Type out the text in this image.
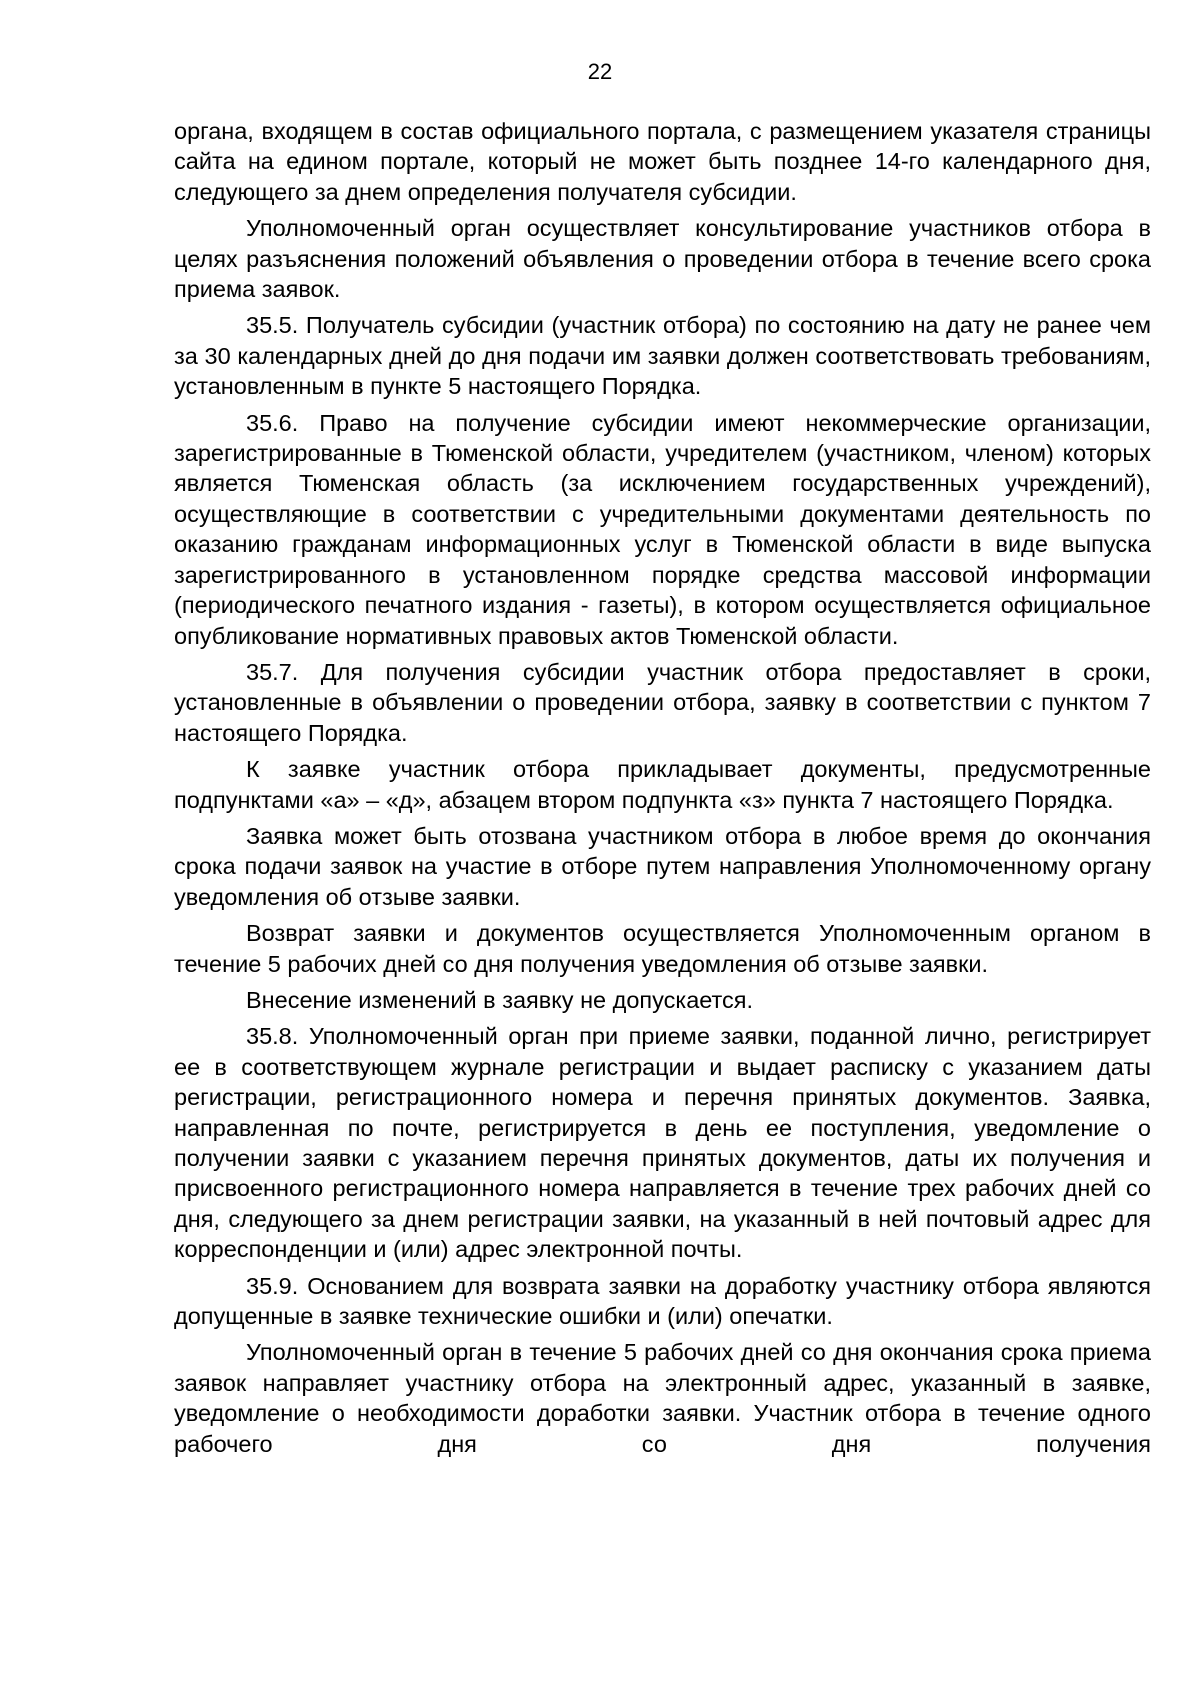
22

органа, входящем в состав официального портала, с размещением указателя страницы сайта на едином портале, который не может быть позднее 14-го календарного дня, следующего за днем определения получателя субсидии.

Уполномоченный орган осуществляет консультирование участников отбора в целях разъяснения положений объявления о проведении отбора в течение всего срока приема заявок.

35.5. Получатель субсидии (участник отбора) по состоянию на дату не ранее чем за 30 календарных дней до дня подачи им заявки должен соответствовать требованиям, установленным в пункте 5 настоящего Порядка.

35.6. Право на получение субсидии имеют некоммерческие организации, зарегистрированные в Тюменской области, учредителем (участником, членом) которых является Тюменская область (за исключением государственных учреждений), осуществляющие в соответствии с учредительными документами деятельность по оказанию гражданам информационных услуг в Тюменской области в виде выпуска зарегистрированного в установленном порядке средства массовой информации (периодического печатного издания - газеты), в котором осуществляется официальное опубликование нормативных правовых актов Тюменской области.

35.7. Для получения субсидии участник отбора предоставляет в сроки, установленные в объявлении о проведении отбора, заявку в соответствии с пунктом 7 настоящего Порядка.

К заявке участник отбора прикладывает документы, предусмотренные подпунктами «а» – «д», абзацем втором подпункта «з» пункта 7 настоящего Порядка.

Заявка может быть отозвана участником отбора в любое время до окончания срока подачи заявок на участие в отборе путем направления Уполномоченному органу уведомления об отзыве заявки.

Возврат заявки и документов осуществляется Уполномоченным органом в течение 5 рабочих дней со дня получения уведомления об отзыве заявки.

Внесение изменений в заявку не допускается.

35.8. Уполномоченный орган при приеме заявки, поданной лично, регистрирует ее в соответствующем журнале регистрации и выдает расписку с указанием даты регистрации, регистрационного номера и перечня принятых документов. Заявка, направленная по почте, регистрируется в день ее поступления, уведомление о получении заявки с указанием перечня принятых документов, даты их получения и присвоенного регистрационного номера направляется в течение трех рабочих дней со дня, следующего за днем регистрации заявки, на указанный в ней почтовый адрес для корреспонденции и (или) адрес электронной почты.

35.9. Основанием для возврата заявки на доработку участнику отбора являются допущенные в заявке технические ошибки и (или) опечатки.

Уполномоченный орган в течение 5 рабочих дней со дня окончания срока приема заявок направляет участнику отбора на электронный адрес, указанный в заявке, уведомление о необходимости доработки заявки. Участник отбора в течение одного рабочего дня со дня получения
